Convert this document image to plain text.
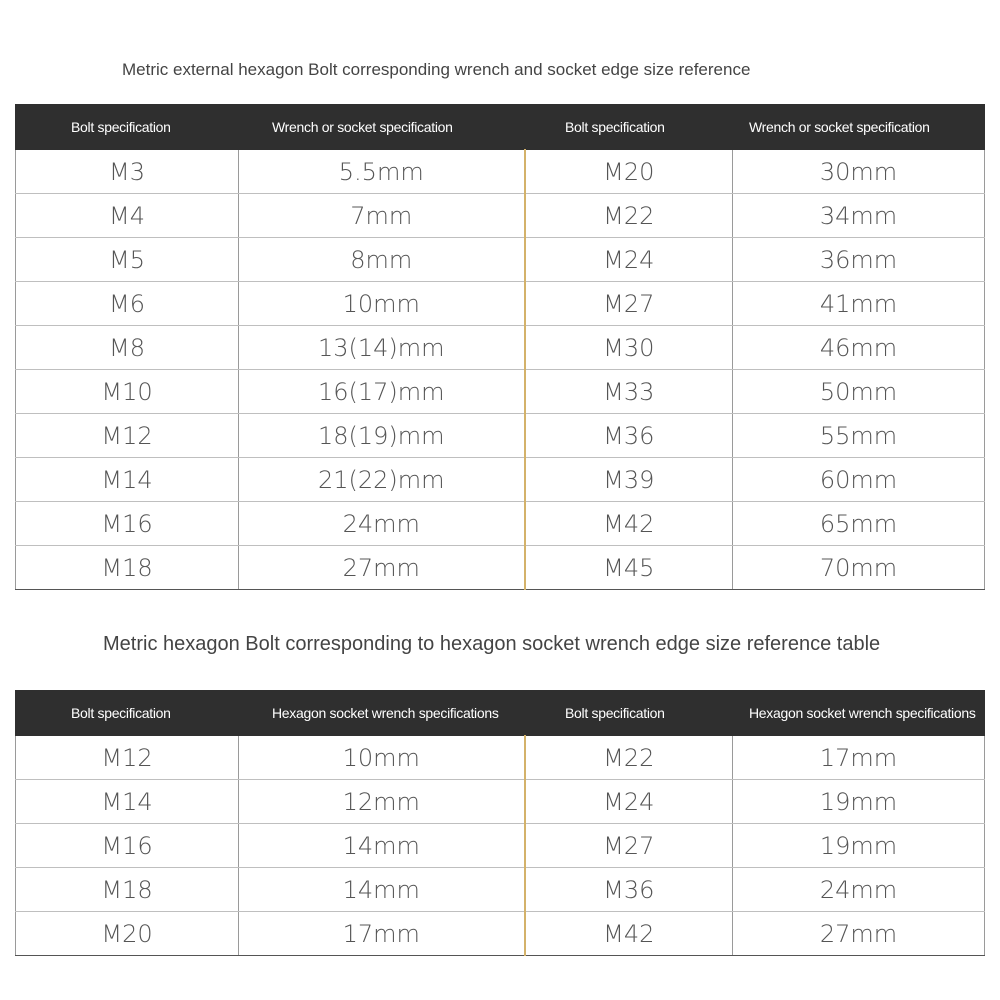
Metric external hexagon Bolt corresponding wrench and socket edge size reference
Bolt specification	Wrench or socket specification	Bolt specification	Wrench or socket specification
M3	5.5mm	M20	30mm
M4	7mm	M22	34mm
M5	8mm	M24	36mm
M6	10mm	M27	41mm
M8	13(14)mm	M30	46mm
M10	16(17)mm	M33	50mm
M12	18(19)mm	M36	55mm
M14	21(22)mm	M39	60mm
M16	24mm	M42	65mm
M18	27mm	M45	70mm
Metric hexagon Bolt corresponding to hexagon socket wrench edge size reference table
Bolt specification	Hexagon socket wrench specifications	Bolt specification	Hexagon socket wrench specifications
M12	10mm	M22	17mm
M14	12mm	M24	19mm
M16	14mm	M27	19mm
M18	14mm	M36	24mm
M20	17mm	M42	27mm
